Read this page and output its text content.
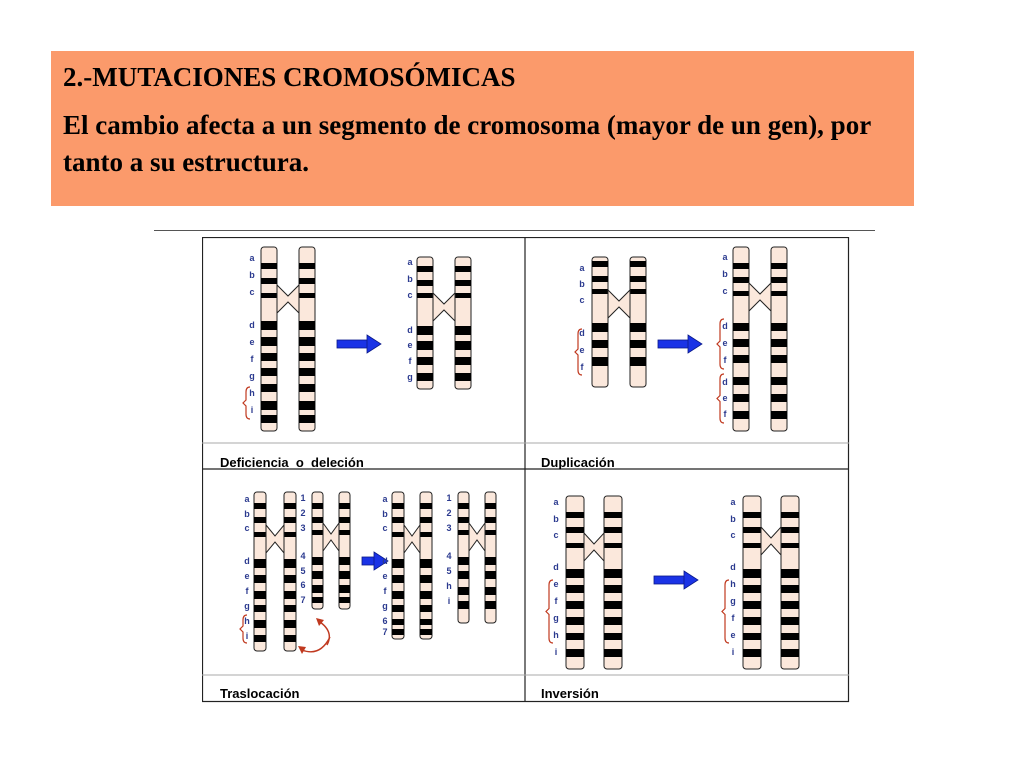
2.-MUTACIONES CROMOSÓMICAS

El cambio afecta a un segmento de cromosoma (mayor de un gen), por tanto a su estructura.

a
b
c
d
e
f
g
h
i
a
b
c
d
e
f
g
a
b
c
d
e
f
a
b
c
d
e
f
d
e
f
a
b
c
d
e
f
g
h
i
1
2
3
4
5
6
7
a
b
c
d
e
f
g
6
7
1
2
3
4
5
h
i
a
b
c
d
e
f
g
h
i
a
b
c
d
h
g
f
e
i
Deficiencia  o  deleción	Duplicación
Traslocación	Inversión
